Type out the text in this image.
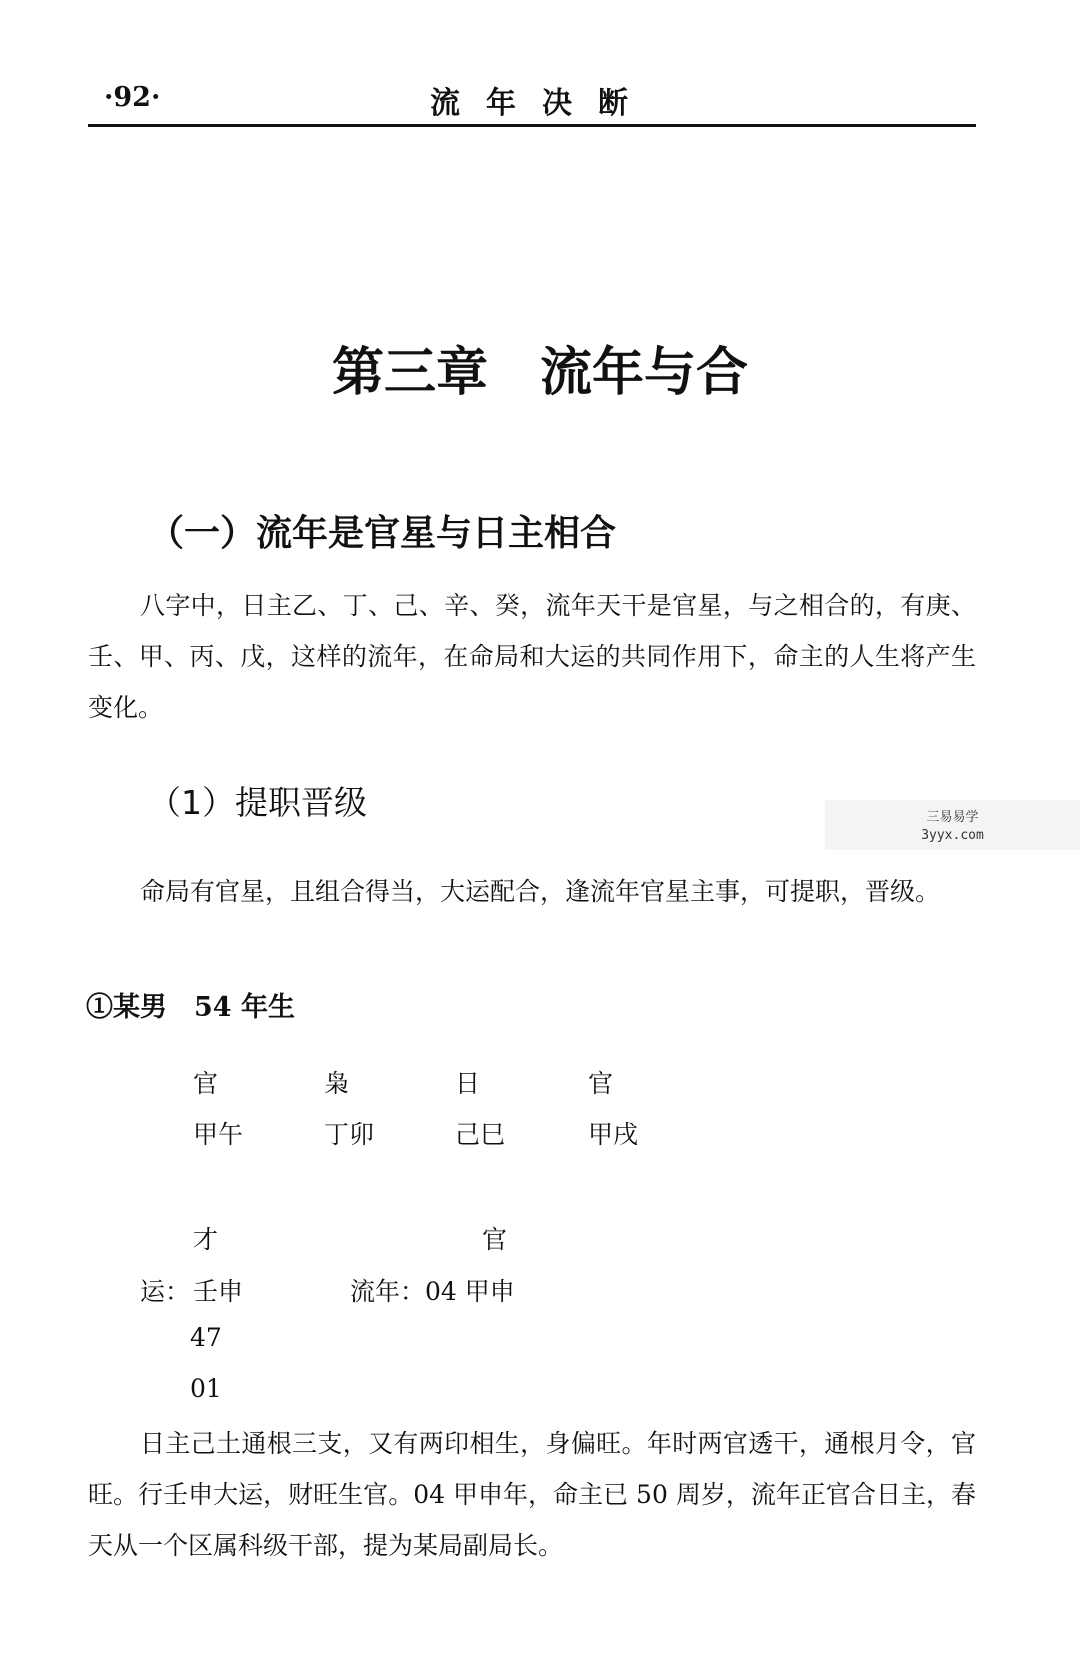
·92·	流年决断
第三章　流年与合
（一）流年是官星与日主相合

八字中，日主乙、丁、己、辛、癸，流年天干是官星，与之相合的，有庚、壬、甲、丙、戊，这样的流年，在命局和大运的共同作用下，命主的人生将产生变化。

（1）提职晋级

命局有官星，且组合得当，大运配合，逢流年官星主事，可提职，晋级。

①某男　54 年生
官	枭	日	官
甲午	丁卯	己巳	甲戌
才	官
运： 壬申	流年：04 甲申
47
01

日主己土通根三支，又有两印相生，身偏旺。年时两官透干，通根月令，官旺。行壬申大运，财旺生官。04 甲申年，命主已 50 周岁，流年正官合日主，春天从一个区属科级干部，提为某局副局长。

三易易学
3yyx.com
